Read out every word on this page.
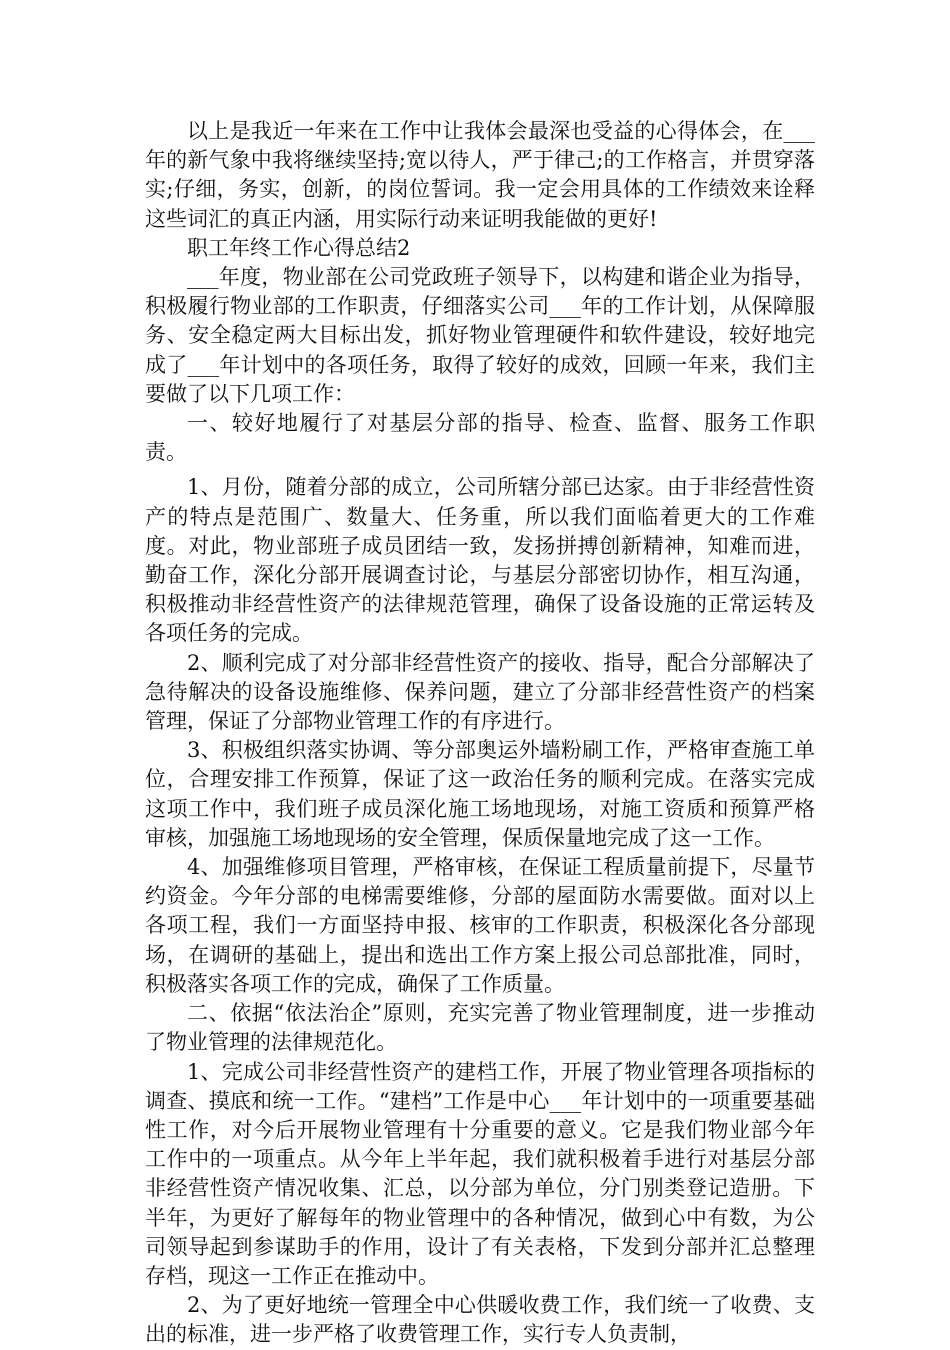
以上是我近一年来在工作中让我体会最深也受益的心得体会，在___年的新气象中我将继续坚持;宽以待人，严于律己;的工作格言，并贯穿落实;仔细，务实，创新，的岗位誓词。我一定会用具体的工作绩效来诠释这些词汇的真正内涵，用实际行动来证明我能做的更好!

职工年终工作心得总结2

___年度，物业部在公司党政班子领导下，以构建和谐企业为指导，积极履行物业部的工作职责，仔细落实公司___年的工作计划，从保障服务、安全稳定两大目标出发，抓好物业管理硬件和软件建设，较好地完成了___年计划中的各项任务，取得了较好的成效，回顾一年来，我们主要做了以下几项工作：

一、较好地履行了对基层分部的指导、检查、监督、服务工作职责。

1、月份，随着分部的成立，公司所辖分部已达家。由于非经营性资产的特点是范围广、数量大、任务重，所以我们面临着更大的工作难度。对此，物业部班子成员团结一致，发扬拼搏创新精神，知难而进，勤奋工作，深化分部开展调查讨论，与基层分部密切协作，相互沟通，积极推动非经营性资产的法律规范管理，确保了设备设施的正常运转及各项任务的完成。

2、顺利完成了对分部非经营性资产的接收、指导，配合分部解决了急待解决的设备设施维修、保养问题，建立了分部非经营性资产的档案管理，保证了分部物业管理工作的有序进行。

3、积极组织落实协调、等分部奥运外墙粉刷工作，严格审查施工单位，合理安排工作预算，保证了这一政治任务的顺利完成。在落实完成这项工作中，我们班子成员深化施工场地现场，对施工资质和预算严格审核，加强施工场地现场的安全管理，保质保量地完成了这一工作。

4、加强维修项目管理，严格审核，在保证工程质量前提下，尽量节约资金。今年分部的电梯需要维修，分部的屋面防水需要做。面对以上各项工程，我们一方面坚持申报、核审的工作职责，积极深化各分部现场，在调研的基础上，提出和选出工作方案上报公司总部批准，同时，积极落实各项工作的完成，确保了工作质量。

二、依据“依法治企”原则，充实完善了物业管理制度，进一步推动了物业管理的法律规范化。

1、完成公司非经营性资产的建档工作，开展了物业管理各项指标的调查、摸底和统一工作。“建档”工作是中心___年计划中的一项重要基础性工作，对今后开展物业管理有十分重要的意义。它是我们物业部今年工作中的一项重点。从今年上半年起，我们就积极着手进行对基层分部非经营性资产情况收集、汇总，以分部为单位，分门别类登记造册。下半年，为更好了解每年的物业管理中的各种情况，做到心中有数，为公司领导起到参谋助手的作用，设计了有关表格，下发到分部并汇总整理存档，现这一工作正在推动中。

2、为了更好地统一管理全中心供暖收费工作，我们统一了收费、支出的标准，进一步严格了收费管理工作，实行专人负责制，
